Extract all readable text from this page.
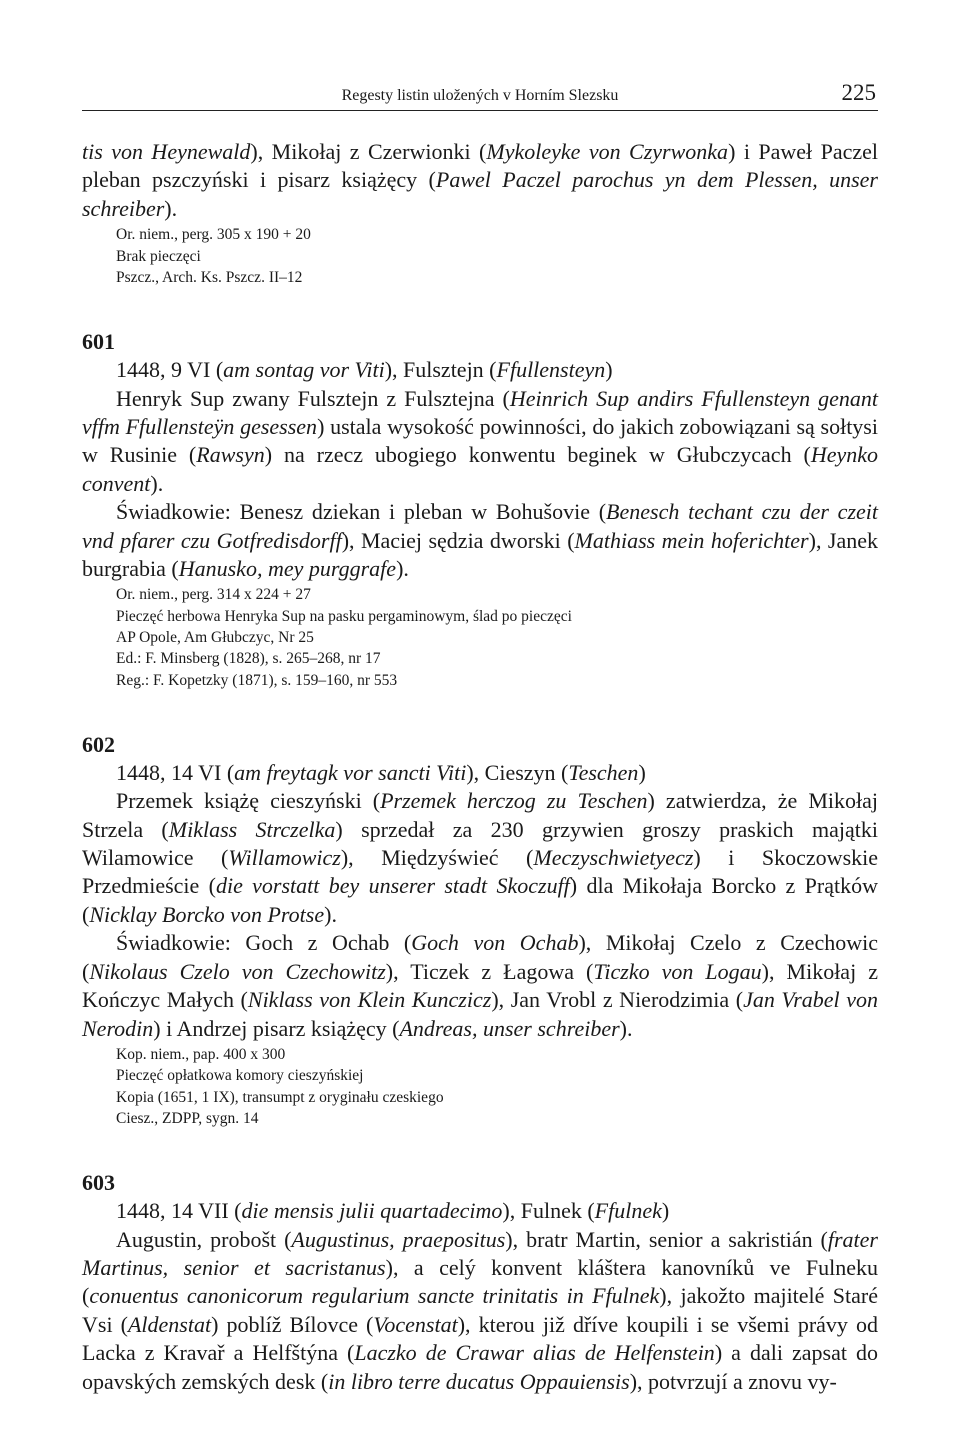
Regesty listin uložených v Horním Slezsku	225

tis von Heynewald), Mikołaj z Czerwionki (Mykoleyke von Czyrwonka) i Paweł Paczel pleban pszczyński i pisarz książęcy (Pawel Paczel parochus yn dem Plessen, unser schreiber).

Or. niem., perg. 305 x 190 + 20

Brak pieczęci

Pszcz., Arch. Ks. Pszcz. II–12

601

1448, 9 VI (am sontag vor Viti), Fulsztejn (Ffullensteyn)

Henryk Sup zwany Fulsztejn z Fulsztejna (Heinrich Sup andirs Ffullensteyn genant vffm Ffullensteÿn gesessen) ustala wysokość powinności, do jakich zobowiązani są sołtysi w Rusinie (Rawsyn) na rzecz ubogiego konwentu beginek w Głubczycach (Heynko convent).

Świadkowie: Benesz dziekan i pleban w Bohušovie (Benesch techant czu der czeit vnd pfarer czu Gotfredisdorff), Maciej sędzia dworski (Mathiass mein hoferichter), Janek burgrabia (Hanusko, mey purggrafe).

Or. niem., perg. 314 x 224 + 27

Pieczęć herbowa Henryka Sup na pasku pergaminowym, ślad po pieczęci

AP Opole, Am Głubczyc, Nr 25

Ed.: F. Minsberg (1828), s. 265–268, nr 17

Reg.: F. Kopetzky (1871), s. 159–160, nr 553

602

1448, 14 VI (am freytagk vor sancti Viti), Cieszyn (Teschen)

Przemek książę cieszyński (Przemek herczog zu Teschen) zatwierdza, że Mikołaj Strzela (Miklass Strczelka) sprzedał za 230 grzywien groszy praskich majątki Wilamowice (Willamowicz), Międzyświeć (Meczyschwietyecz) i Skoczowskie Przedmieście (die vorstatt bey unserer stadt Skoczuff) dla Mikołaja Borcko z Prątków (Nicklay Borcko von Protse).

Świadkowie: Goch z Ochab (Goch von Ochab), Mikołaj Czelo z Czechowic (Nikolaus Czelo von Czechowitz), Ticzek z Łagowa (Ticzko von Logau), Mikołaj z Kończyc Małych (Niklass von Klein Kunczicz), Jan Vrobl z Nierodzimia (Jan Vrabel von Nerodin) i Andrzej pisarz książęcy (Andreas, unser schreiber).

Kop. niem., pap. 400 x 300

Pieczęć opłatkowa komory cieszyńskiej

Kopia (1651, 1 IX), transumpt z oryginału czeskiego

Ciesz., ZDPP, sygn. 14

603

1448, 14 VII (die mensis julii quartadecimo), Fulnek (Ffulnek)

Augustin, probošt (Augustinus, praepositus), bratr Martin, senior a sakristián (frater Martinus, senior et sacristanus), a celý konvent kláštera kanovníků ve Fulneku (conuentus canonicorum regularium sancte trinitatis in Ffulnek), jakožto majitelé Staré Vsi (Aldenstat) poblíž Bílovce (Vocenstat), kterou již dříve koupili i se všemi právy od Lacka z Kravař a Helfštýna (Laczko de Crawar alias de Helfenstein) a dali zapsat do opavských zemských desk (in libro terre ducatus Oppauiensis), potvrzují a znovu vy-
